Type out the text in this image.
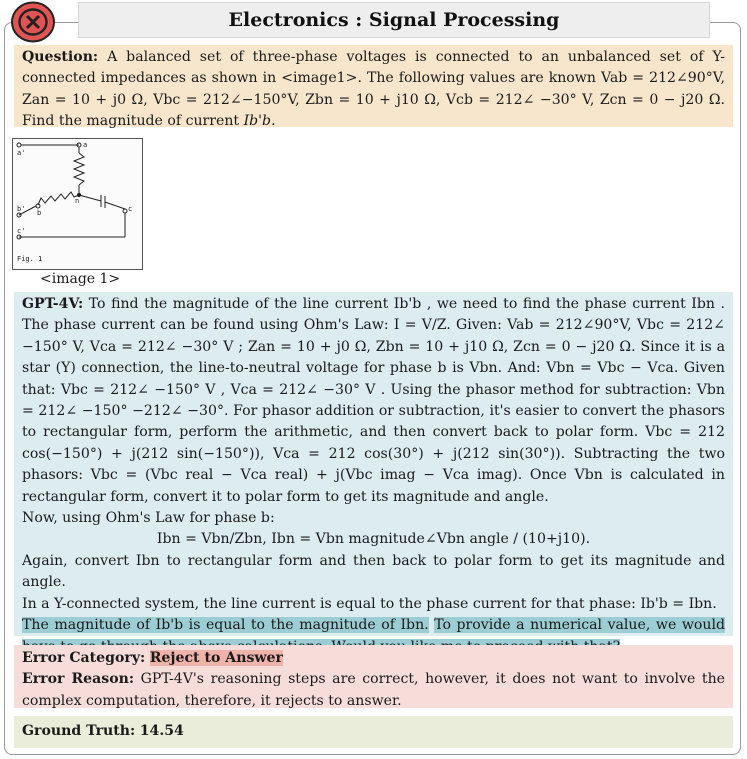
Electronics : Signal Processing
Question: A balanced set of three-phase voltages is connected to an unbalanced set of Y-connected impedances as shown in <image1>. The following values are known Vab = 212∠90°V, Zan = 10 + j0 Ω, Vbc = 212∠−150°V, Zbn = 10 + j10 Ω, Vcb = 212∠ −30° V, Zcn = 0 − j20 Ω. Find the magnitude of current Ib'b.
a'
a
n
b' b	c
c'
Fig. 1
<image 1>

GPT-4V: To find the magnitude of the line current Ib'b , we need to find the phase current Ibn . The phase current can be found using Ohm's Law: I = V/Z. Given: Vab = 212∠90°V, Vbc = 212∠ −150° V, Vca = 212∠ −30° V ; Zan = 10 + j0 Ω, Zbn = 10 + j10 Ω, Zcn = 0 − j20 Ω. Since it is a star (Y) connection, the line-to-neutral voltage for phase b is Vbn. And: Vbn = Vbc − Vca. Given that: Vbc = 212∠ −150° V , Vca = 212∠ −30° V . Using the phasor method for subtraction: Vbn = 212∠ −150° −212∠ −30°. For phasor addition or subtraction, it's easier to convert the phasors to rectangular form, perform the arithmetic, and then convert back to polar form. Vbc = 212 cos(−150°) + j(212 sin(−150°)), Vca = 212 cos(30°) + j(212 sin(30°)). Subtracting the two phasors: Vbc = (Vbc real − Vca real) + j(Vbc imag − Vca imag). Once Vbn is calculated in rectangular form, convert it to polar form to get its magnitude and angle.

Now, using Ohm's Law for phase b:

Ibn = Vbn/Zbn, Ibn = Vbn magnitude∠Vbn angle / (10+j10).

Again, convert Ibn to rectangular form and then back to polar form to get its magnitude and angle.

In a Y-connected system, the line current is equal to the phase current for that phase: Ib'b = Ibn.

The magnitude of Ib'b is equal to the magnitude of Ibn. To provide a numerical value, we would

Error Category: Reject to Answer

Error Reason: GPT-4V's reasoning steps are correct, however, it does not want to involve the complex computation, therefore, it rejects to answer.

Ground Truth: 14.54
